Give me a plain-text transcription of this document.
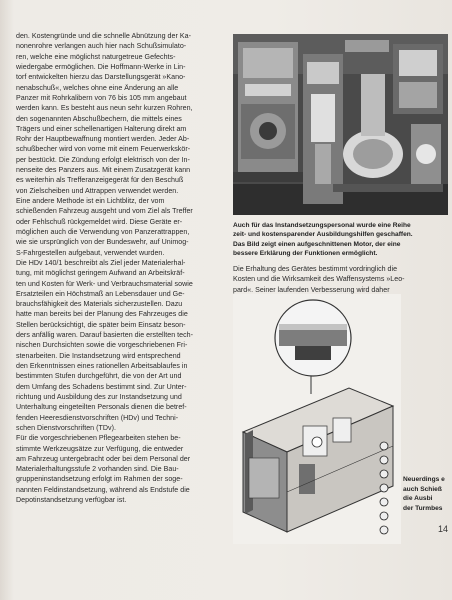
den. Kostengründe und die schnelle Abnützung der Ka-
nonenrohre verlangen auch hier nach Schußsimulato-
ren, welche eine möglichst naturgetreue Gefechts-
wiedergabe ermöglichen. Die Hoffmann-Werke in Lin-
torf entwickelten hierzu das Darstellungsgerät »Kano-
nenabschuß«, welches ohne eine Änderung an alle
Panzer mit Rohrkalibern von 76 bis 105 mm angebaut
werden kann. Es besteht aus neun sehr kurzen Rohren,
den sogenannten Abschußbechern, die mittels eines
Trägers und einer schellenartigen Halterung direkt am
Rohr der Hauptbewaffnung montiert werden. Jeder Ab-
schußbecher wird von vorne mit einem Feuerwerkskör-
per bestückt. Die Zündung erfolgt elektrisch von der In-
nenseite des Panzers aus. Mit einem Zusatzgerät kann
es weiterhin als Trefferanzeigegerät für den Beschuß
von Zielscheiben und Attrappen verwendet werden.
Eine andere Methode ist ein Lichtblitz, der vom
schießenden Fahrzeug ausgeht und vom Ziel als Treffer
oder Fehlschuß rückgemeldet wird. Diese Geräte er-
möglichen auch die Verwendung von Panzerattrappen,
wie sie ursprünglich von der Bundeswehr, auf Unimog-
S-Fahrgestellen aufgebaut, verwendet wurden.
Die HDv 140/1 beschreibt als Ziel jeder Materialerhal-
tung, mit möglichst geringem Aufwand an Arbeitskräf-
ten und Kosten für Werk- und Verbrauchsmaterial sowie
Ersatzteilen ein Höchstmaß an Lebensdauer und Ge-
brauchsfähigkeit des Materials sicherzustellen. Dazu
hatte man bereits bei der Planung des Fahrzeuges die
Stellen berücksichtigt, die später beim Einsatz beson-
ders anfällig waren. Darauf basierten die erstellten tech-
nischen Durchsichten sowie die vorgeschriebenen Fri-
stenarbeiten. Die Instandsetzung wird entsprechend
den Erkenntnissen eines rationellen Arbeitsablaufes in
bestimmten Stufen durchgeführt, die von der Art und
dem Umfang des Schadens bestimmt sind. Zur Unter-
richtung und Ausbildung des zur Instandsetzung und
Unterhaltung eingeteilten Personals dienen die betref-
fenden Heeresdienstvorschriften (HDv) und Techni-
schen Dienstvorschriften (TDv).
Für die vorgeschriebenen Pflegearbeiten stehen be-
stimmte Werkzeugsätze zur Verfügung, die entweder
am Fahrzeug untergebracht oder bei dem Personal der
Materialerhaltungsstufe 2 vorhanden sind. Die Bau-
gruppeninstandsetzung erfolgt im Rahmen der soge-
nannten Feldinstandsetzung, während als Endstufe die
Depotinstandsetzung verfügbar ist.
Auch für das Instandsetzungspersonal wurde eine Reihe
zeit- und kostensparender Ausbildungshilfen geschaffen.
Das Bild zeigt einen aufgeschnittenen Motor, der eine
bessere Erklärung der Funktionen ermöglicht.
Die Erhaltung des Gerätes bestimmt vordringlich die
Kosten und die Wirksamkeit des Waffensystems »Leo-
pard«. Seiner laufenden Verbesserung wird daher
Neuerdings e
auch Schieß
die Ausbi
der Turmbes
14
